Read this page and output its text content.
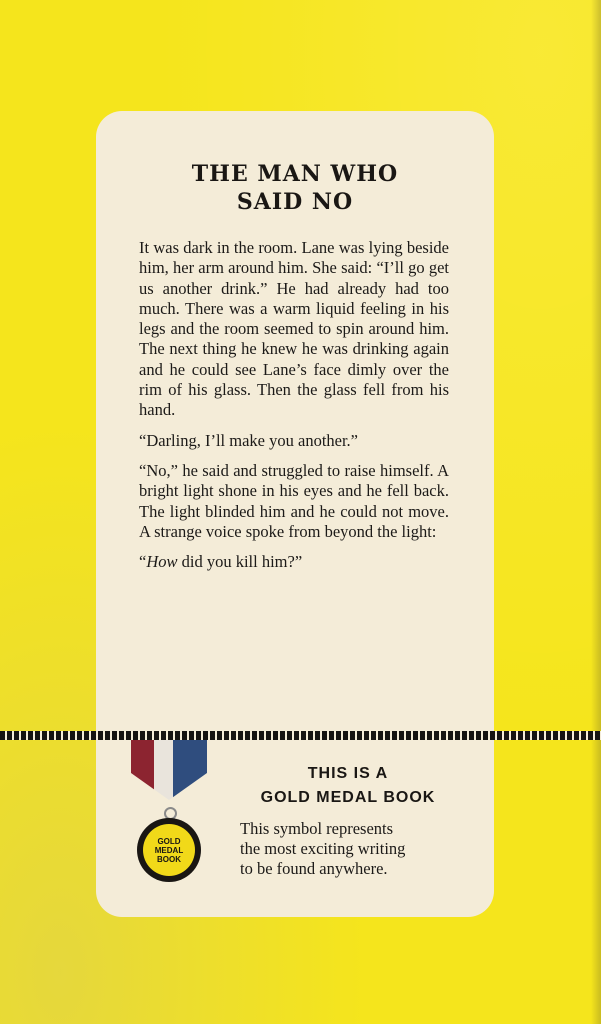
THE MAN WHO
SAID NO

It was dark in the room. Lane was lying beside him, her arm around him. She said: “I’ll go get us another drink.” He had already had too much. There was a warm liquid feeling in his legs and the room seemed to spin around him. The next thing he knew he was drinking again and he could see Lane’s face dimly over the rim of his glass. Then the glass fell from his hand.

“Darling, I’ll make you another.”

“No,” he said and struggled to raise himself. A bright light shone in his eyes and he fell back. The light blinded him and he could not move. A strange voice spoke from beyond the light:

“How did you kill him?”

GOLD
MEDAL
BOOK
THIS IS A
GOLD MEDAL BOOK
This symbol represents
the most exciting writing
to be found anywhere.
